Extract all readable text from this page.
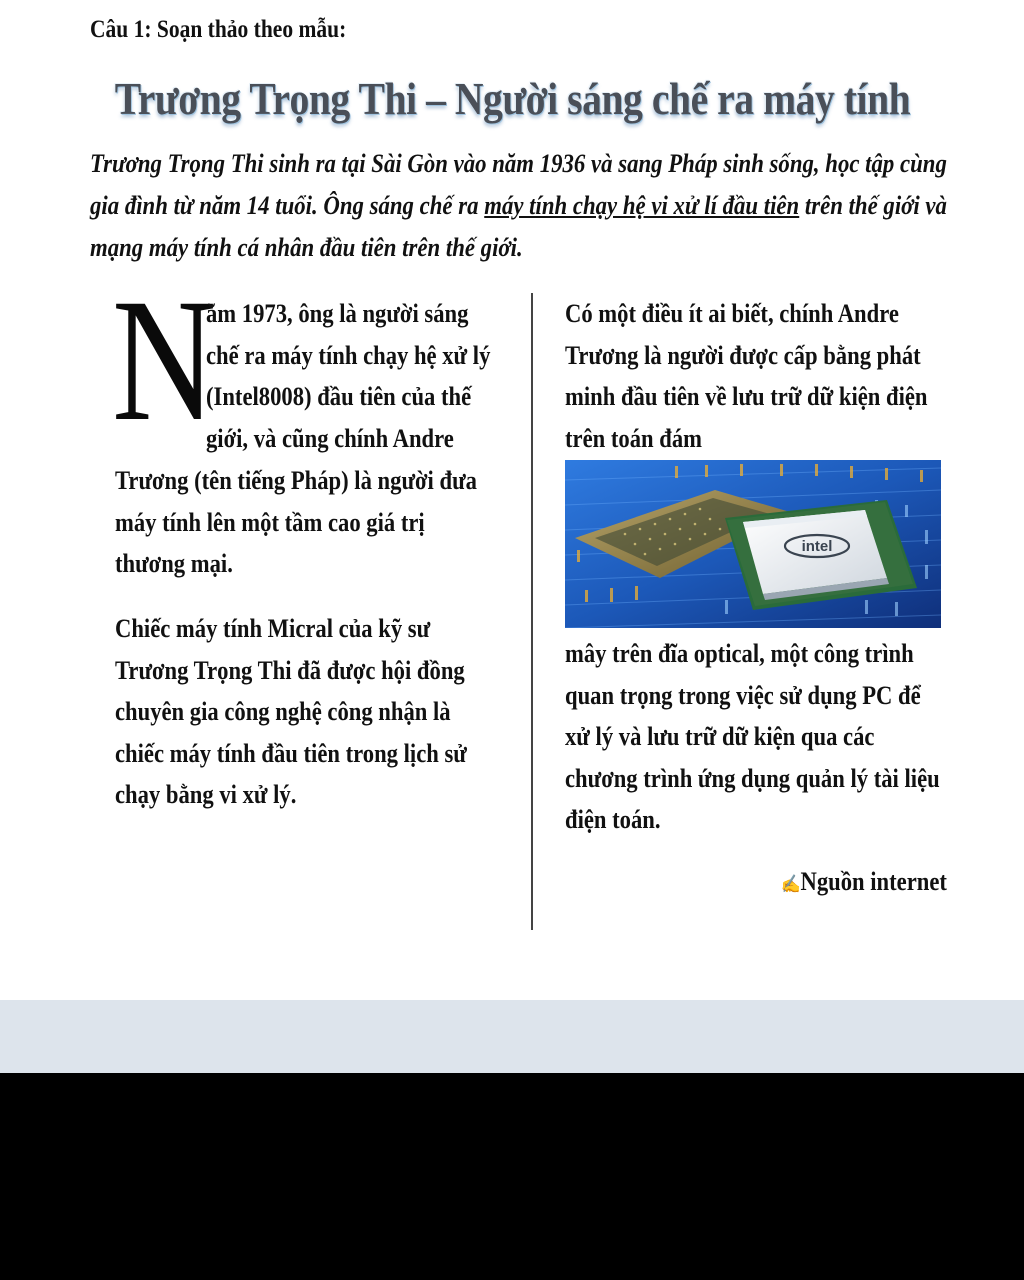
Câu 1: Soạn thảo theo mẫu:
Trương Trọng Thi – Người sáng chế ra máy tính
Trương Trọng Thi sinh ra tại Sài Gòn vào năm 1936 và sang Pháp sinh sống, học tập cùng gia đình từ năm 14 tuổi. Ông sáng chế ra máy tính chạy hệ vi xử lí đầu tiên trên thế giới và mạng máy tính cá nhân đầu tiên trên thế giới.
N
ăm 1973, ông là người sáng
chế ra máy tính chạy hệ xử lý
(Intel8008) đầu tiên của thế
giới, và cũng chính Andre
Trương (tên tiếng Pháp) là người đưa
máy tính lên một tầm cao giá trị
thương mại.
Chiếc máy tính Micral của kỹ sư
Trương Trọng Thi đã được hội đồng
chuyên gia công nghệ công nhận là
chiếc máy tính đầu tiên trong lịch sử
chạy bằng vi xử lý.
Có một điều ít ai biết, chính Andre
Trương là người được cấp bằng phát
minh đầu tiên về lưu trữ dữ kiện điện
trên toán đám
intel
mây trên đĩa optical, một công trình
quan trọng trong việc sử dụng PC để
xử lý và lưu trữ dữ kiện qua các
chương trình ứng dụng quản lý tài liệu
điện toán.
✍Nguồn internet
